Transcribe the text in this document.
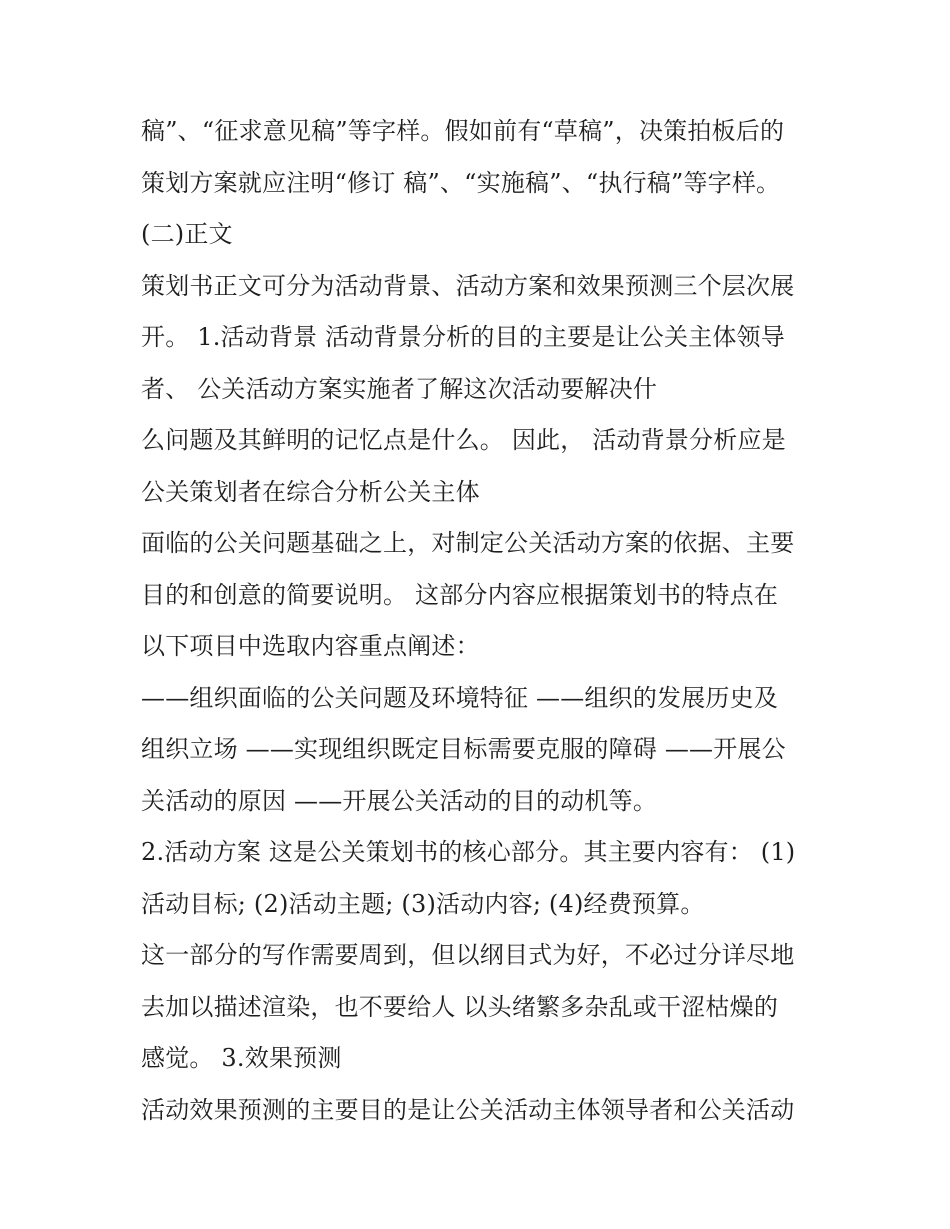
稿”、“征求意见稿”等字样。假如前有“草稿”，决策拍板后的
策划方案就应注明“修订 稿”、“实施稿”、“执行稿”等字样。
(二)正文
策划书正文可分为活动背景、活动方案和效果预测三个层次展
开。 1.活动背景 活动背景分析的目的主要是让公关主体领导
者、 公关活动方案实施者了解这次活动要解决什
么问题及其鲜明的记忆点是什么。 因此， 活动背景分析应是
公关策划者在综合分析公关主体
面临的公关问题基础之上，对制定公关活动方案的依据、主要
目的和创意的简要说明。 这部分内容应根据策划书的特点在
以下项目中选取内容重点阐述：
——组织面临的公关问题及环境特征 ——组织的发展历史及
组织立场 ——实现组织既定目标需要克服的障碍 ——开展公
关活动的原因 ——开展公关活动的目的动机等。
2.活动方案 这是公关策划书的核心部分。其主要内容有： (1)
活动目标; (2)活动主题; (3)活动内容; (4)经费预算。
这一部分的写作需要周到，但以纲目式为好，不必过分详尽地
去加以描述渲染，也不要给人 以头绪繁多杂乱或干涩枯燥的
感觉。 3.效果预测
活动效果预测的主要目的是让公关活动主体领导者和公关活动
